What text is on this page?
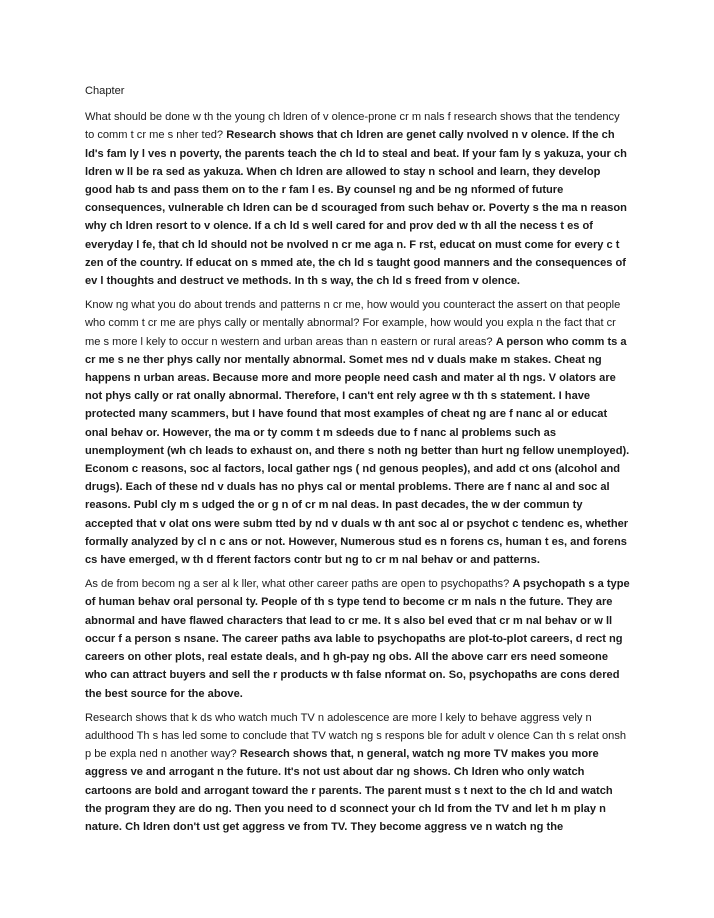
Chapter

What should be done w th the young ch ldren of v olence-prone cr m nals f research shows that the tendency to comm t cr me s nher ted? Research shows that ch ldren are genet cally nvolved n v olence. If the ch ld's fam ly l ves n poverty, the parents teach the ch ld to steal and beat. If your fam ly s yakuza, your ch ldren w ll be ra sed as yakuza. When ch ldren are allowed to stay n school and learn, they develop good hab ts and pass them on to the r fam l es. By counsel ng and be ng nformed of future consequences, vulnerable ch ldren can be d scouraged from such behav or. Poverty s the ma n reason why ch ldren resort to v olence. If a ch ld s well cared for and prov ded w th all the necess t es of everyday l fe, that ch ld should not be nvolved n cr me aga n. F rst, educat on must come for every c t zen of the country. If educat on s mmed ate, the ch ld s taught good manners and the consequences of ev l thoughts and destruct ve methods. In th s way, the ch ld s freed from v olence.

Know ng what you do about trends and patterns n cr me, how would you counteract the assert on that people who comm t cr me are phys cally or mentally abnormal? For example, how would you expla n the fact that cr me s more l kely to occur n western and urban areas than n eastern or rural areas? A person who comm ts a cr me s ne ther phys cally nor mentally abnormal. Somet mes nd v duals make m stakes. Cheat ng happens n urban areas. Because more and more people need cash and mater al th ngs. V olators are not phys cally or rat onally abnormal. Therefore, I can't ent rely agree w th th s statement. I have protected many scammers, but I have found that most examples of cheat ng are f nanc al or educat onal behav or. However, the ma or ty comm t m sdeeds due to f nanc al problems such as unemployment (wh ch leads to exhaust on, and there s noth ng better than hurt ng fellow unemployed).

Econom c reasons, soc al factors, local gather ngs ( nd genous peoples), and add ct ons (alcohol and drugs). Each of these nd v duals has no phys cal or mental problems. There are f nanc al and soc al reasons. Publ cly m s udged the or g n of cr m nal deas. In past decades, the w der commun ty accepted that v olat ons were subm tted by nd v duals w th ant soc al or psychot c tendenc es, whether formally analyzed by cl n c ans or not. However, Numerous stud es n forens cs, human t es, and forens cs have emerged, w th d fferent factors contr but ng to cr m nal behav or and patterns.

As de from becom ng a ser al k ller, what other career paths are open to psychopaths? A psychopath s a type of human behav oral personal ty. People of th s type tend to become cr m nals n the future. They are abnormal and have flawed characters that lead to cr me. It s also bel eved that cr m nal behav or w ll occur f a person s nsane. The career paths ava lable to psychopaths are plot-to-plot careers, d rect ng careers on other plots, real estate deals, and h gh-pay ng obs. All the above carr ers need someone who can attract buyers and sell the r products w th false nformat on. So, psychopaths are cons dered the best source for the above.

Research shows that k ds who watch much TV n adolescence are more l kely to behave aggress vely n adulthood Th s has led some to conclude that TV watch ng s respons ble for adult v olence Can th s relat onsh p be expla ned n another way? Research shows that, n general, watch ng more TV makes you more aggress ve and arrogant n the future. It's not ust about dar ng shows. Ch ldren who only watch cartoons are bold and arrogant toward the r parents. The parent must s t next to the ch ld and watch the program they are do ng. Then you need to d sconnect your ch ld from the TV and let h m play n nature. Ch ldren don't ust get aggress ve from TV. They become aggress ve n watch ng the
